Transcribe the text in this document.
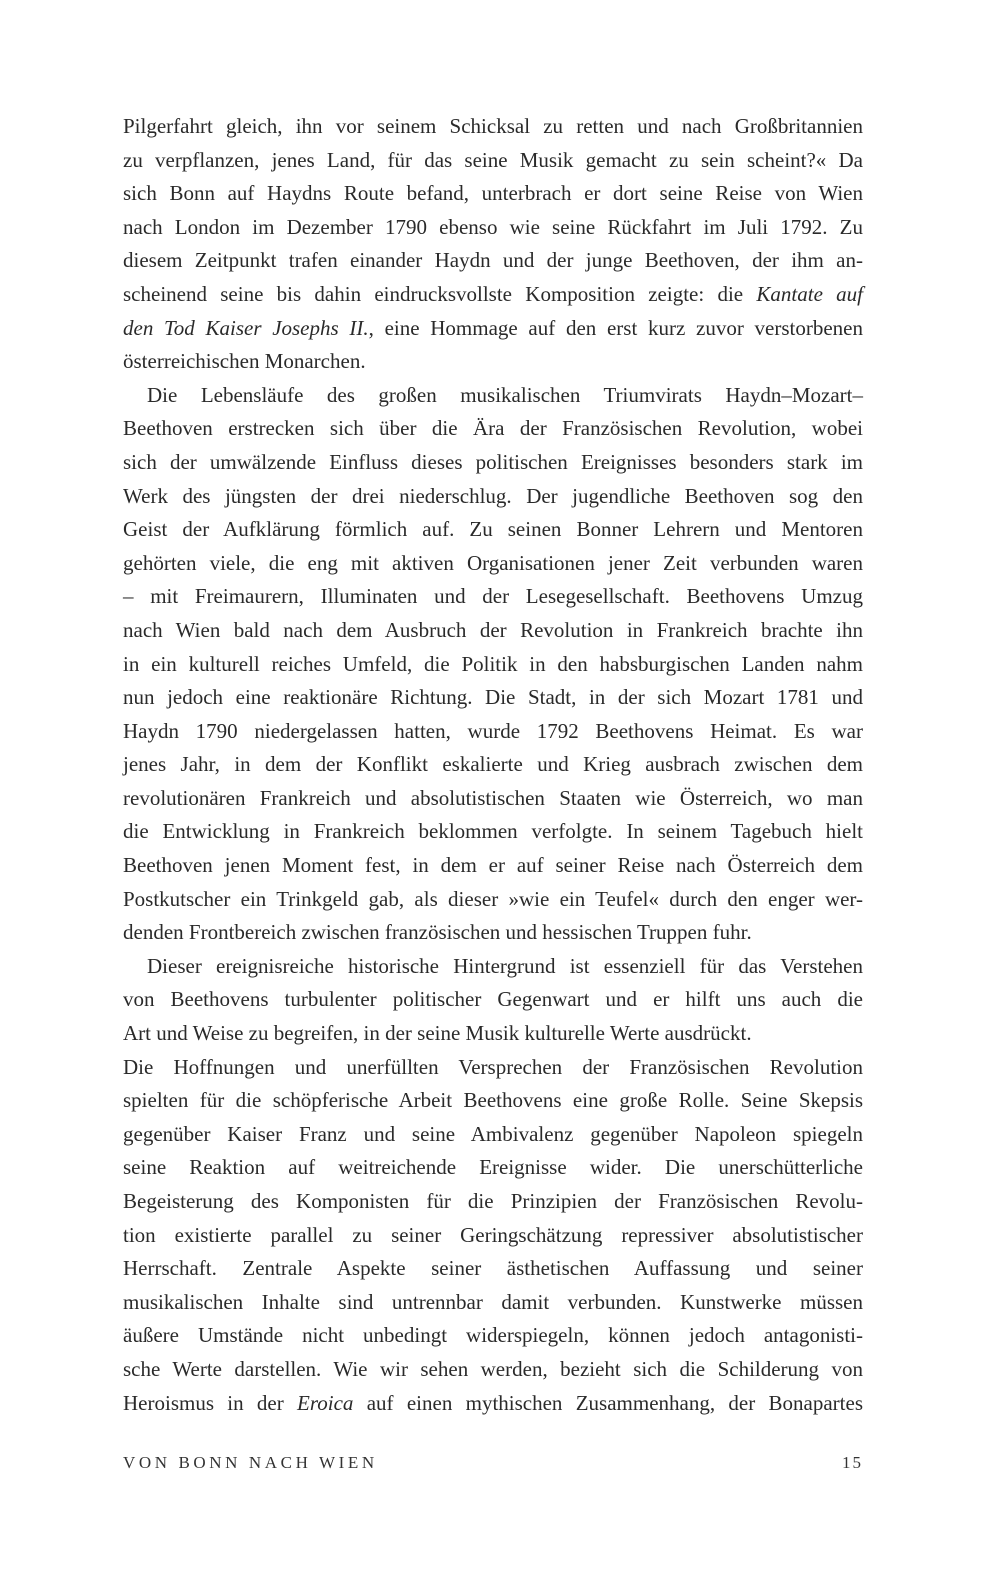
Pilgerfahrt gleich, ihn vor seinem Schicksal zu retten und nach Großbritannien
zu verpflanzen, jenes Land, für das seine Musik gemacht zu sein scheint?« Da
sich Bonn auf Haydns Route befand, unterbrach er dort seine Reise von Wien
nach London im Dezember 1790 ebenso wie seine Rückfahrt im Juli 1792. Zu
diesem Zeitpunkt trafen einander Haydn und der junge Beethoven, der ihm an-
scheinend seine bis dahin eindrucksvollste Komposition zeigte: die Kantate auf
den Tod Kaiser Josephs II., eine Hommage auf den erst kurz zuvor verstorbenen
österreichischen Monarchen.
Die Lebensläufe des großen musikalischen Triumvirats Haydn–Mozart–
Beethoven erstrecken sich über die Ära der Französischen Revolution, wobei
sich der umwälzende Einfluss dieses politischen Ereignisses besonders stark im
Werk des jüngsten der drei niederschlug. Der jugendliche Beethoven sog den
Geist der Aufklärung förmlich auf. Zu seinen Bonner Lehrern und Mentoren
gehörten viele, die eng mit aktiven Organisationen jener Zeit verbunden waren
– mit Freimaurern, Illuminaten und der Lesegesellschaft. Beethovens Umzug
nach Wien bald nach dem Ausbruch der Revolution in Frankreich brachte ihn
in ein kulturell reiches Umfeld, die Politik in den habsburgischen Landen nahm
nun jedoch eine reaktionäre Richtung. Die Stadt, in der sich Mozart 1781 und
Haydn 1790 niedergelassen hatten, wurde 1792 Beethovens Heimat. Es war
jenes Jahr, in dem der Konflikt eskalierte und Krieg ausbrach zwischen dem
revolutionären Frankreich und absolutistischen Staaten wie Österreich, wo man
die Entwicklung in Frankreich beklommen verfolgte. In seinem Tagebuch hielt
Beethoven jenen Moment fest, in dem er auf seiner Reise nach Österreich dem
Postkutscher ein Trinkgeld gab, als dieser »wie ein Teufel« durch den enger wer-
denden Frontbereich zwischen französischen und hessischen Truppen fuhr.
Dieser ereignisreiche historische Hintergrund ist essenziell für das Verstehen
von Beethovens turbulenter politischer Gegenwart und er hilft uns auch die
Art und Weise zu begreifen, in der seine Musik kulturelle Werte ausdrückt.
Die Hoffnungen und unerfüllten Versprechen der Französischen Revolution
spielten für die schöpferische Arbeit Beethovens eine große Rolle. Seine Skepsis
gegenüber Kaiser Franz und seine Ambivalenz gegenüber Napoleon spiegeln
seine Reaktion auf weitreichende Ereignisse wider. Die unerschütterliche
Begeisterung des Komponisten für die Prinzipien der Französischen Revolu-
tion existierte parallel zu seiner Geringschätzung repressiver absolutistischer
Herrschaft. Zentrale Aspekte seiner ästhetischen Auffassung und seiner
musikalischen Inhalte sind untrennbar damit verbunden. Kunstwerke müssen
äußere Umstände nicht unbedingt widerspiegeln, können jedoch antagonisti-
sche Werte darstellen. Wie wir sehen werden, bezieht sich die Schilderung von
Heroismus in der Eroica auf einen mythischen Zusammenhang, der Bonapartes
VON BONN NACH WIEN	15
